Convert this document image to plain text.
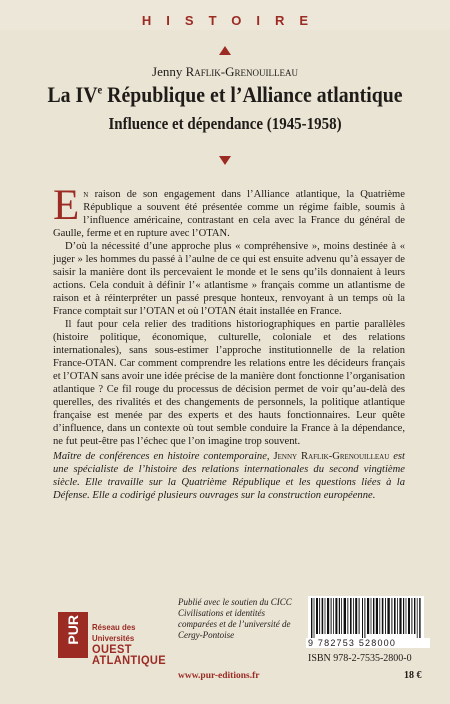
HISTOIRE
Jenny Raflik-Grenouilleau
La IVe République et l’Alliance atlantique
Influence et dépendance (1945-1958)

En raison de son engagement dans l’Alliance atlantique, la Quatrième République a souvent été présentée comme un régime faible, soumis à l’influence américaine, contrastant en cela avec la France du général de Gaulle, ferme et en rupture avec l’OTAN.

D’où la nécessité d’une approche plus « compréhensive », moins destinée à « juger » les hommes du passé à l’aulne de ce qui est ensuite advenu qu’à essayer de saisir la manière dont ils percevaient le monde et le sens qu’ils donnaient à leurs actions. Cela conduit à définir l’« atlantisme » français comme un atlantisme de raison et à réinterpréter un passé presque honteux, renvoyant à un temps où la France comptait sur l’OTAN et où l’OTAN était installée en France.

Il faut pour cela relier des traditions historiographiques en partie parallèles (histoire politique, économique, culturelle, coloniale et des relations internationales), sans sous-estimer l’approche institutionnelle de la relation France-OTAN. Car comment comprendre les relations entre les décideurs français et l’OTAN sans avoir une idée précise de la manière dont fonctionne l’organisation atlantique ? Ce fil rouge du processus de décision permet de voir qu’au-delà des querelles, des rivalités et des changements de personnels, la politique atlantique française est menée par des experts et des hauts fonctionnaires. Leur quête d’influence, dans un contexte où tout semble conduire la France à la dépendance, ne fut peut-être pas l’échec que l’on imagine trop souvent.

Maître de conférences en histoire contemporaine, Jenny Raflik-Grenouilleau est une spécialiste de l’histoire des relations internationales du second vingtième siècle. Elle travaille sur la Quatrième République et les questions liées à la Défense. Elle a codirigé plusieurs ouvrages sur la construction européenne.
PUR	Réseau des Universités
OUEST ATLANTIQUE
Publié avec le soutien du CICC Civilisations et identités comparées et de l’université de Cergy-Pontoise
9 782753 528000
ISBN 978-2-7535-2800-0
www.pur-editions.fr	18 €
